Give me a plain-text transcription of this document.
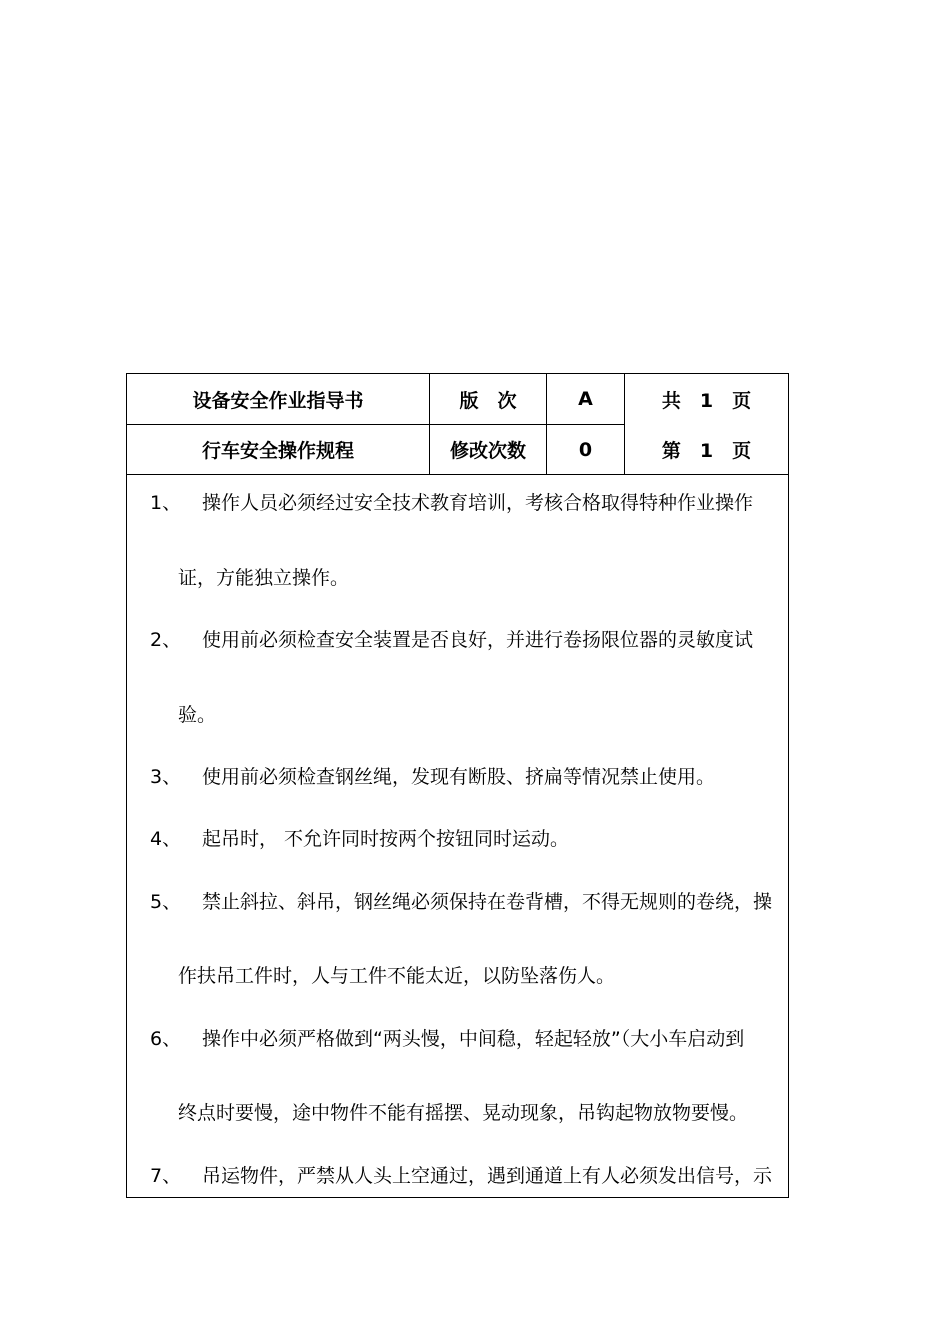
设备安全作业指导书	版　次	A	共　1　页
行车安全操作规程	修改次数	0	第　1　页
1、 操作人员必须经过安全技术教育培训，考核合格取得特种作业操作
证，方能独立操作。
2、 使用前必须检查安全装置是否良好，并进行卷扬限位器的灵敏度试
验。
3、 使用前必须检查钢丝绳，发现有断股、挤扁等情况禁止使用。
4、 起吊时， 不允许同时按两个按钮同时运动。
5、 禁止斜拉、斜吊，钢丝绳必须保持在卷背槽，不得无规则的卷绕，操
作扶吊工件时，人与工件不能太近，以防坠落伤人。
6、 操作中必须严格做到“两头慢，中间稳，轻起轻放”（大小车启动到
终点时要慢，途中物件不能有摇摆、晃动现象，吊钩起物放物要慢。
7、 吊运物件，严禁从人头上空通过，遇到通道上有人必须发出信号，示
